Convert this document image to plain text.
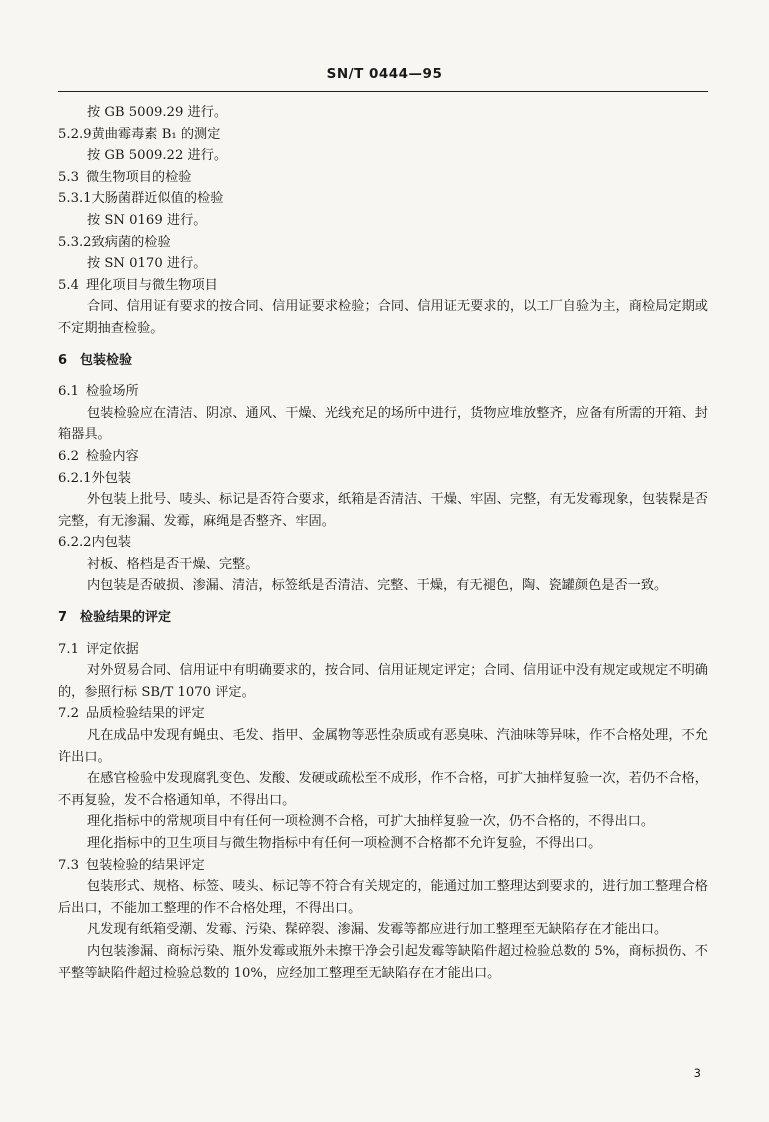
SN/T 0444—95
按 GB 5009.29 进行。
5.2.9黄曲霉毒素 B₁ 的测定
按 GB 5009.22 进行。
5.3 微生物项目的检验
5.3.1大肠菌群近似值的检验
按 SN 0169 进行。
5.3.2致病菌的检验
按 SN 0170 进行。
5.4 理化项目与微生物项目
合同、信用证有要求的按合同、信用证要求检验；合同、信用证无要求的，以工厂自验为主，商检局定期或不定期抽查检验。
6 包装检验
6.1 检验场所
包装检验应在清洁、阴凉、通风、干燥、光线充足的场所中进行，货物应堆放整齐，应备有所需的开箱、封箱器具。
6.2 检验内容
6.2.1外包装
外包装上批号、唛头、标记是否符合要求，纸箱是否清洁、干燥、牢固、完整，有无发霉现象，包装髹是否完整，有无渗漏、发霉，麻绳是否整齐、牢固。
6.2.2内包装
衬板、格档是否干燥、完整。
内包装是否破损、渗漏、清洁，标签纸是否清洁、完整、干燥，有无褪色，陶、瓷罐颜色是否一致。
7 检验结果的评定
7.1 评定依据
对外贸易合同、信用证中有明确要求的，按合同、信用证规定评定；合同、信用证中没有规定或规定不明确的，参照行标 SB/T 1070 评定。
7.2 品质检验结果的评定
凡在成品中发现有蝇虫、毛发、指甲、金属物等恶性杂质或有恶臭味、汽油味等异味，作不合格处理，不允许出口。
在感官检验中发现腐乳变色、发酸、发硬或疏松至不成形，作不合格，可扩大抽样复验一次，若仍不合格，不再复验，发不合格通知单，不得出口。
理化指标中的常规项目中有任何一项检测不合格，可扩大抽样复验一次，仍不合格的，不得出口。
理化指标中的卫生项目与微生物指标中有任何一项检测不合格都不允许复验，不得出口。
7.3 包装检验的结果评定
包装形式、规格、标签、唛头、标记等不符合有关规定的，能通过加工整理达到要求的，进行加工整理合格后出口，不能加工整理的作不合格处理，不得出口。
凡发现有纸箱受潮、发霉、污染、髹碎裂、渗漏、发霉等都应进行加工整理至无缺陷存在才能出口。
内包装渗漏、商标污染、瓶外发霉或瓶外未擦干净会引起发霉等缺陷件超过检验总数的 5%，商标损伤、不平整等缺陷件超过检验总数的 10%，应经加工整理至无缺陷存在才能出口。
3
